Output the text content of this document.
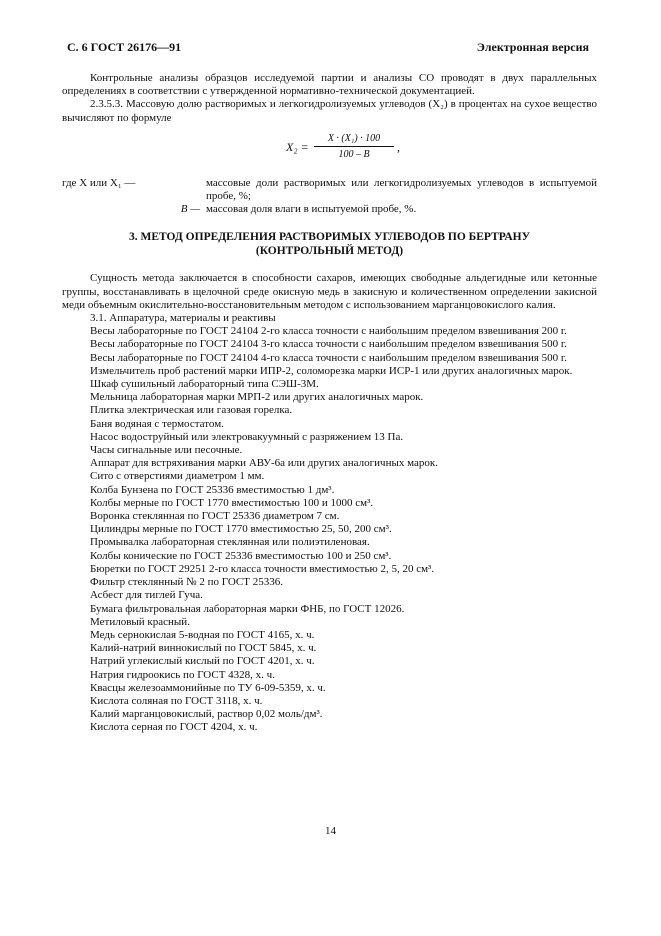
С. 6 ГОСТ 26176—91	Электронная версия

Контрольные анализы образцов исследуемой партии и анализы СО проводят в двух параллельных определениях в соответствии с утвержденной нормативно-технической документацией.

2.3.5.3. Массовую долю растворимых и легкогидролизуемых углеводов (X₂) в процентах на сухое вещество вычисляют по формуле

$X_2 = \frac{\text{X · (X₁) · 100}}{100 - B}$ ,
где X или X₁ —	массовые доли растворимых или легкогидролизуемых углеводов в испытуемой пробе, %;
B — массовая доля влаги в испытуемой пробе, %.
3. МЕТОД ОПРЕДЕЛЕНИЯ РАСТВОРИМЫХ УГЛЕВОДОВ ПО БЕРТРАНУ
(КОНТРОЛЬНЫЙ МЕТОД)

Сущность метода заключается в способности сахаров, имеющих свободные альдегидные или кетонные группы, восстанавливать в щелочной среде окисную медь в закисную и количественном определении закисной меди объемным окислительно-восстановительным методом с использованием марганцовокислого калия.

3.1. Аппаратура, материалы и реактивы

Весы лабораторные по ГОСТ 24104 2-го класса точности с наибольшим пределом взвешивания 200 г.

Весы лабораторные по ГОСТ 24104 3-го класса точности с наибольшим пределом взвешивания 500 г.

Весы лабораторные по ГОСТ 24104 4-го класса точности с наибольшим пределом взвешивания 500 г.

Измельчитель проб растений марки ИПР-2, соломорезка марки ИСР-1 или других аналогичных марок.

Шкаф сушильный лабораторный типа СЭШ-3М.

Мельница лабораторная марки МРП-2 или других аналогичных марок.

Плитка электрическая или газовая горелка.

Баня водяная с термостатом.

Насос водоструйный или электровакуумный с разряжением 13 Па.

Часы сигнальные или песочные.

Аппарат для встряхивания марки АВУ-6а или других аналогичных марок.

Сито с отверстиями диаметром 1 мм.

Колба Бунзена по ГОСТ 25336 вместимостью 1 дм³.

Колбы мерные по ГОСТ 1770 вместимостью 100 и 1000 см³.

Воронка стеклянная по ГОСТ 25336 диаметром 7 см.

Цилиндры мерные по ГОСТ 1770 вместимостью 25, 50, 200 см³.

Промывалка лабораторная стеклянная или полиэтиленовая.

Колбы конические по ГОСТ 25336 вместимостью 100 и 250 см³.

Бюретки по ГОСТ 29251 2-го класса точности вместимостью 2, 5, 20 см³.

Фильтр стеклянный № 2 по ГОСТ 25336.

Асбест для тиглей Гуча.

Бумага фильтровальная лабораторная марки ФНБ, по ГОСТ 12026.

Метиловый красный.

Медь сернокислая 5-водная по ГОСТ 4165, х. ч.

Калий-натрий виннокислый по ГОСТ 5845, х. ч.

Натрий углекислый кислый по ГОСТ 4201, х. ч.

Натрия гидроокись по ГОСТ 4328, х. ч.

Квасцы железоаммонийные по ТУ 6-09-5359, х. ч.

Кислота соляная по ГОСТ 3118, х. ч.

Калий марганцовокислый, раствор 0,02 моль/дм³.

Кислота серная по ГОСТ 4204, х. ч.

14
